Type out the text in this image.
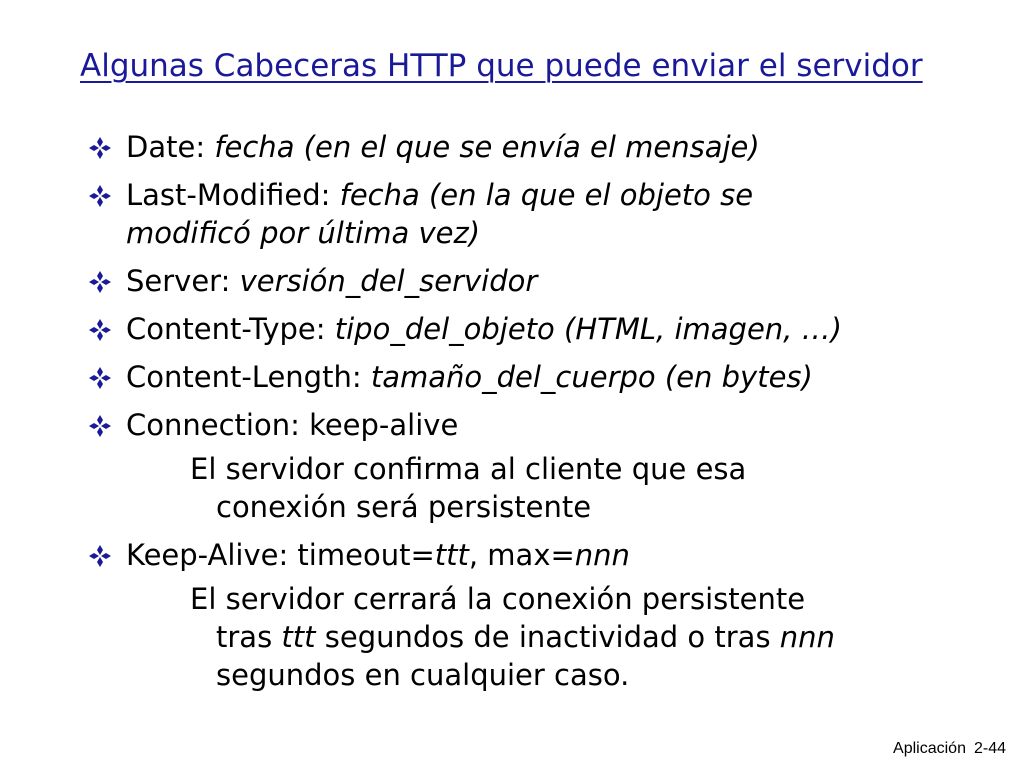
Algunas Cabeceras HTTP que puede enviar el servidor
Date: fecha (en el que se envía el mensaje)
Last-Modified: fecha (en la que el objeto se
modificó por última vez)
Server: versión_del_servidor
Content-Type: tipo_del_objeto (HTML, imagen, …)
Content-Length: tamaño_del_cuerpo (en bytes)
Connection: keep-alive
El servidor confirma al cliente que esa
conexión será persistente
Keep-Alive: timeout=ttt, max=nnn
El servidor cerrará la conexión persistente
tras ttt segundos de inactividad o tras nnn
segundos en cualquier caso.
Aplicación 2-44
